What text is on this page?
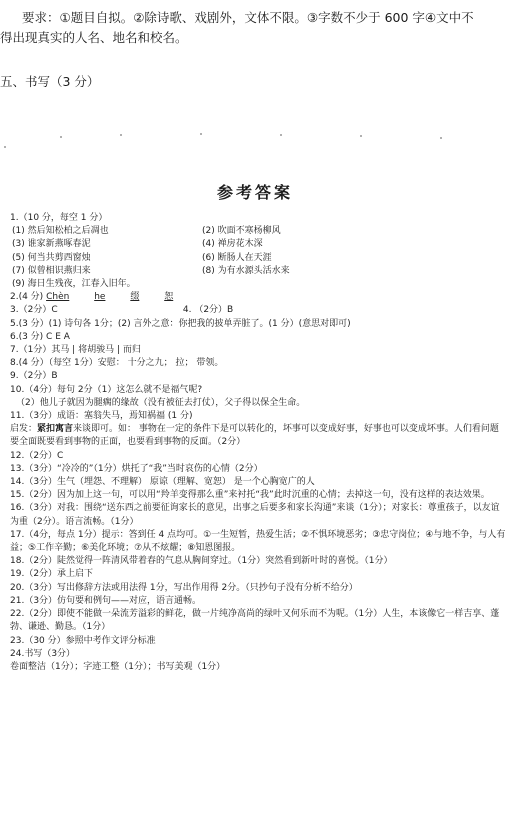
要求：①题目自拟。②除诗歌、戏剧外，文体不限。③字数不少于 600 字④文中不
得出现真实的人名、地名和校名。
五、书写（3 分）
参考答案
1.（10 分，每空 1 分）
(1) 然后知松柏之后凋也	(2) 吹面不寒杨柳风
(3) 谁家新燕啄春泥	(4) 禅房花木深
(5) 何当共剪西窗烛	(6) 断肠人在天涯
(7) 似曾相识燕归来	(8) 为有水源头活水来
(9) 海日生残夜，江春入旧年。
2.(4 分) Chèn	he	缀	恕
3.（2分）C	4. （2分）B
5.(3 分）(1) 诗句各 1分；(2) 言外之意：你把我的披单弄脏了。(1 分）(意思对即可)
6.(3 分) C E A
7.（1分）其马 | 将胡骏马 | 而归
8.(4 分）（每空 1分）安慰： 十分之九； 拉； 带领。
9.（2分）B
10.（4分）每句 2分（1）这怎么就不是福气呢?
（2）他儿子就因为腿瘸的缘故（没有被征去打仗），父子得以保全生命。
11.（3分）成语：塞翁失马，焉知祸福 (1 分)
启发：紧扣寓言来谈即可。如： 事物在一定的条件下是可以转化的，坏事可以变成好事，好事也可以变成坏事。人们看问题要全面既要看到事物的正面，也要看到事物的反面。（2分）
12.（2分）C
13.（3分）“冷冷的”（1分）烘托了“我”当时哀伤的心情（2分）
14.（3分）生气（埋怨、不理解） 原谅（理解、宽恕） 是一个心胸宽广的人
15.（2分）因为加上这一句，可以用“羚羊变得那么重”来衬托“我”此时沉重的心情；去掉这一句，没有这样的表达效果。
16.（3分）对我：围绕“送东西之前要征询家长的意见，出事之后要多和家长沟通”来谈（1分）；对家长：尊重孩子，以友谊为重（2分）。语言流畅。（1分）
17.（4分，每点 1分）提示：答到任 4 点均可。①一生短暂，热爱生活；②不惧环境恶劣；③忠守岗位；④与地不争，与人有益；⑤工作辛勤；⑥美化环境；⑦从不炫耀；⑧知恩图报。
18.（2分）陡然觉得一阵清风带着春的气息从胸间穿过。（1分）突然看到新叶时的喜悦。（1分）
19.（2分）承上启下
20.（3分）写出修辞方法或用法得 1分，写出作用得 2分。（只抄句子没有分析不给分）
21.（3分）仿句要和例句——对应，语言通畅。
22.（2分）即使不能做一朵流芳溢彩的鲜花，做一片纯净高尚的绿叶又何乐而不为呢。（1分）人生，本该像它一样吉享、蓬勃、谦逊、勤恳。（1分）
23.（30 分）参照中考作文评分标准
24.书写（3分）
卷面整洁（1分）；字迹工整（1分）；书写美观（1分）
